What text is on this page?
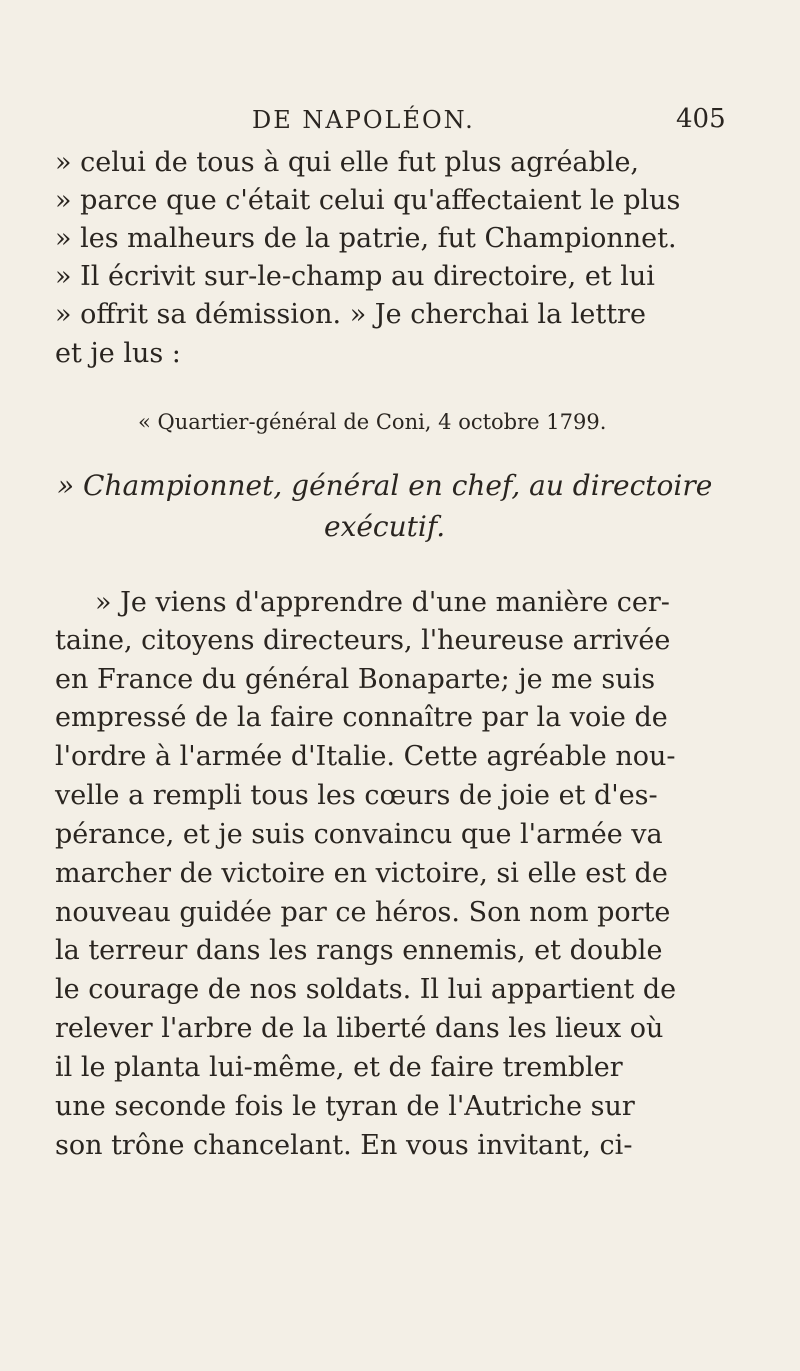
DE NAPOLÉON.	405
» celui de tous à qui elle fut plus agréable,
» parce que c'était celui qu'affectaient le plus
» les malheurs de la patrie, fut Championnet.
» Il écrivit sur-le-champ au directoire, et lui
» offrit sa démission. » Je cherchai la lettre
et je lus :
« Quartier-général de Coni, 4 octobre 1799.
» Championnet, général en chef, au directoire
exécutif.
» Je viens d'apprendre d'une manière cer-
taine, citoyens directeurs, l'heureuse arrivée
en France du général Bonaparte; je me suis
empressé de la faire connaître par la voie de
l'ordre à l'armée d'Italie. Cette agréable nou-
velle a rempli tous les cœurs de joie et d'es-
pérance, et je suis convaincu que l'armée va
marcher de victoire en victoire, si elle est de
nouveau guidée par ce héros. Son nom porte
la terreur dans les rangs ennemis, et double
le courage de nos soldats. Il lui appartient de
relever l'arbre de la liberté dans les lieux où
il le planta lui-même, et de faire trembler
une seconde fois le tyran de l'Autriche sur
son trône chancelant. En vous invitant, ci-
